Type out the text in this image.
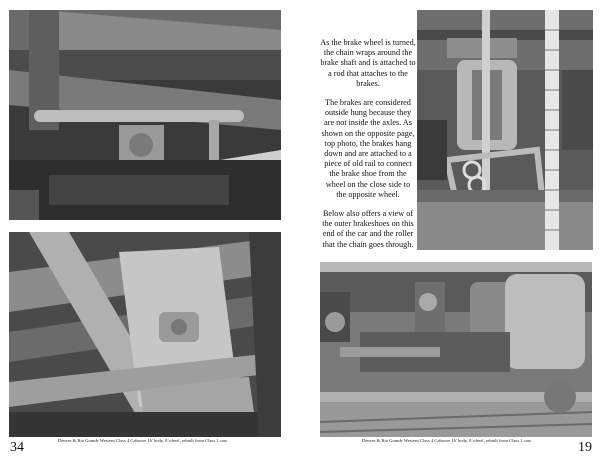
Denver & Rio Grande Western Class 4 Caboose 16' body, 8 wheel, rebuilt from Class 1 cars
34

As the brake wheel is turned, the chain wraps around the brake shaft and is attached to a rod that attaches to the brakes.

The brakes are considered outside hung because they are not inside the axles. As shown on the opposite page, top photo, the brakes hang down and are attached to a piece of old rail to connect the brake shoe from the wheel on the close side to the opposite wheel.

Below also offers a view of the outer brakeshoes on this end of the car and the roller that the chain goes through.

Denver & Rio Grande Western Class 4 Caboose 16' body, 8 wheel, rebuilt from Class 1 cars	19
